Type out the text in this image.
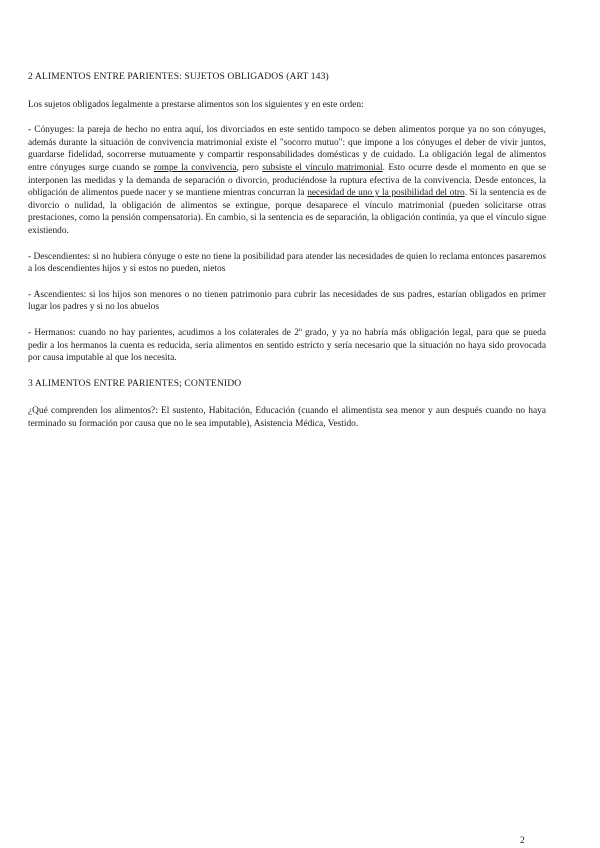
2 ALIMENTOS ENTRE PARIENTES: SUJETOS OBLIGADOS (ART 143)

Los sujetos obligados legalmente a prestarse alimentos son los siguientes y en este orden:

- Cónyuges: la pareja de hecho no entra aquí, los divorciados en este sentido tampoco se deben alimentos porque ya no son cónyuges, además durante la situación de convivencia matrimonial existe el "socorro mutuo": que impone a los cónyuges el deber de vivir juntos, guardarse fidelidad, socorrerse mutuamente y compartir responsabilidades domésticas y de cuidado. La obligación legal de alimentos entre cónyuges surge cuando se rompe la convivencia, pero subsiste el vínculo matrimonial. Esto ocurre desde el momento en que se interponen las medidas y la demanda de separación o divorcio, produciéndose la ruptura efectiva de la convivencia. Desde entonces, la obligación de alimentos puede nacer y se mantiene mientras concurran la necesidad de uno y la posibilidad del otro. Si la sentencia es de divorcio o nulidad, la obligación de alimentos se extingue, porque desaparece el vínculo matrimonial (pueden solicitarse otras prestaciones, como la pensión compensatoria). En cambio, si la sentencia es de separación, la obligación continúa, ya que el vínculo sigue existiendo.

- Descendientes: si no hubiera cónyuge o este no tiene la posibilidad para atender las necesidades de quien lo reclama entonces pasaremos a los descendientes hijos y si estos no pueden, nietos

- Ascendientes: si los hijos son menores o no tienen patrimonio para cubrir las necesidades de sus padres, estarían obligados en primer lugar los padres y si no los abuelos

- Hermanos: cuando no hay parientes, acudimos a los colaterales de 2º grado, y ya no habría más obligación legal, para que se pueda pedir a los hermanos la cuenta es reducida, sería alimentos en sentido estricto y sería necesario que la situación no haya sido provocada por causa imputable al que los necesita.

3 ALIMENTOS ENTRE PARIENTES; CONTENIDO

¿Qué comprenden los alimentos?: El sustento, Habitación, Educación (cuando el alimentista sea menor y aun después cuando no haya terminado su formación por causa que no le sea imputable), Asistencia Médica, Vestido.

2
